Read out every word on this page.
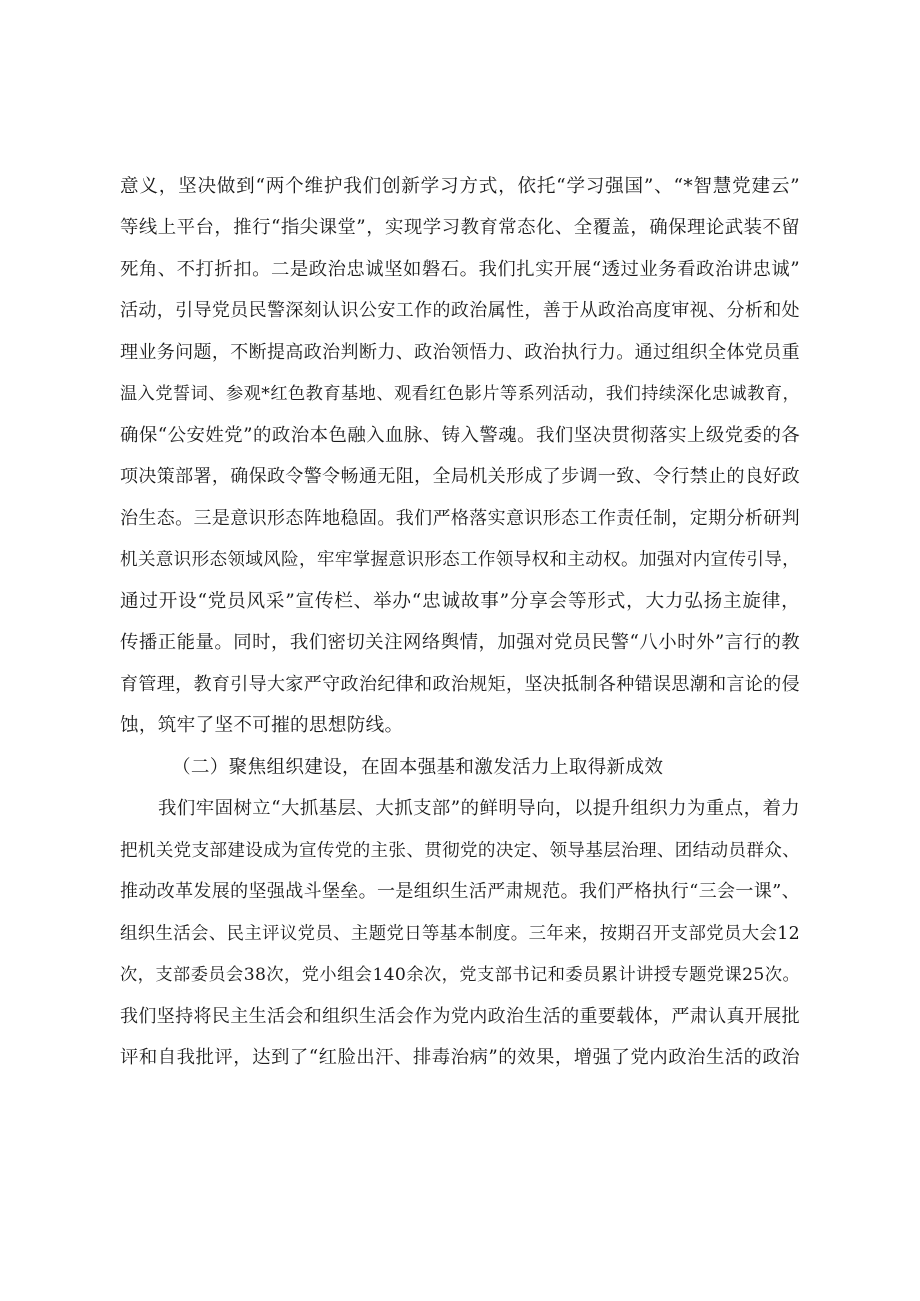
意义，坚决做到“两个维护我们创新学习方式，依托“学习强国”、“*智慧党建云”
等线上平台，推行“指尖课堂”，实现学习教育常态化、全覆盖，确保理论武装不留
死角、不打折扣。二是政治忠诚坚如磐石。我们扎实开展“透过业务看政治讲忠诚”
活动，引导党员民警深刻认识公安工作的政治属性，善于从政治高度审视、分析和处
理业务问题，不断提高政治判断力、政治领悟力、政治执行力。通过组织全体党员重
温入党誓词、参观*红色教育基地、观看红色影片等系列活动，我们持续深化忠诚教育，
确保“公安姓党”的政治本色融入血脉、铸入警魂。我们坚决贯彻落实上级党委的各
项决策部署，确保政令警令畅通无阻，全局机关形成了步调一致、令行禁止的良好政
治生态。三是意识形态阵地稳固。我们严格落实意识形态工作责任制，定期分析研判
机关意识形态领域风险，牢牢掌握意识形态工作领导权和主动权。加强对内宣传引导，
通过开设“党员风采”宣传栏、举办“忠诚故事”分享会等形式，大力弘扬主旋律，
传播正能量。同时，我们密切关注网络舆情，加强对党员民警“八小时外”言行的教
育管理，教育引导大家严守政治纪律和政治规矩，坚决抵制各种错误思潮和言论的侵
蚀，筑牢了坚不可摧的思想防线。
（二）聚焦组织建设，在固本强基和激发活力上取得新成效
我们牢固树立“大抓基层、大抓支部”的鲜明导向，以提升组织力为重点，着力
把机关党支部建设成为宣传党的主张、贯彻党的决定、领导基层治理、团结动员群众、
推动改革发展的坚强战斗堡垒。一是组织生活严肃规范。我们严格执行“三会一课”、
组织生活会、民主评议党员、主题党日等基本制度。三年来，按期召开支部党员大会12
次，支部委员会38次，党小组会140余次，党支部书记和委员累计讲授专题党课25次。
我们坚持将民主生活会和组织生活会作为党内政治生活的重要载体，严肃认真开展批
评和自我批评，达到了“红脸出汗、排毒治病”的效果，增强了党内政治生活的政治
